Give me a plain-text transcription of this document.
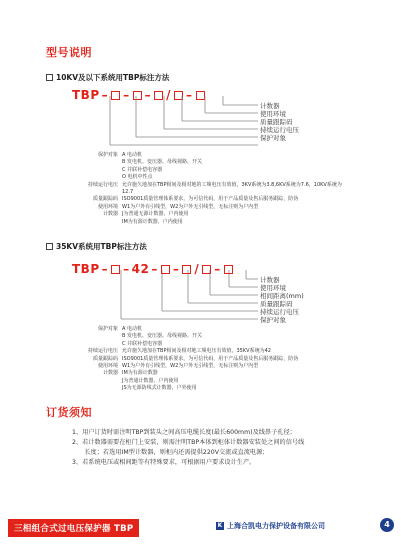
型号说明
10KV及以下系统用TBP标注方法
TBP – – – / –
计数器
使用环境
质量跟踪码
持续运行电压
保护对象
保护对象 A 电动机
B 发电机、变压器、母线视路、开关
C 并联补偿电容器
O 电机中性点
持续运行电压 允许施久地加在TBP相间及相对地的工频电压有效值，3KV系统为3.8,6KV系统为7.6，10KV系统为12.7
质量跟踪码 ISO9001质量管理体系要求，为可信代码，用于产品质量及售后服务跟踪，防伪
使用环境 W1为户外有引线型，W2为户外无引线型，无标注则为户内型
计数器 J为普通无源计数器，户内使用
IM为有源计数器，户内使用
35KV系统用TBP标注方法
TBP – – 42 – – / –
计数器
使用环境
相间距离(mm)
质量跟踪码
持续运行电压
保护对象
保护对象 A 电动机
B 发电机、变压器、母线视路、开关
C 并联补偿电容器
持续运行电压 允许施久地加在TBP相间及相对地工频电压有效值，35KV系统为42
质量跟踪码 ISO9001质量管理体系要求，为可信代码，用于产品质量及售后服务跟踪，防伪
使用环境 W1为户外有引线型，W2为户外无引线型，无标注则为户内型
计数器 IM为有源计数器
J为普通计数器，户内使用
JS为无源防线式计数器，户外使用
订货须知
1、用户订货时需注明TBP到装头之间高压电缆长度(最长600mm)及线鼻子孔径；
2、若计数器需要在柜门上安装，则需注明TBP本体到柜体计数器安装处之间的信号线
　　长度；若选用IM型计数器，则柜内还需提供220V交流或直流电源；
3、若系统电压或相间距等有特殊要求，可根据用户要求设计生产。
三相组合式过电压保护器 TBP	K 上海合凯电力保护设备有限公司	4
